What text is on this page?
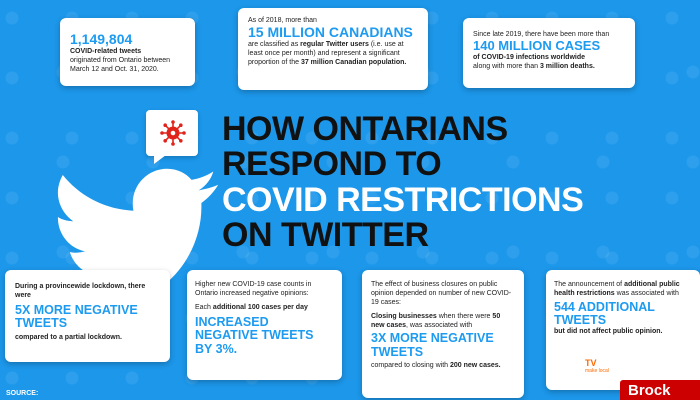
1,149,804
COVID-related tweets
originated from Ontario between March 12 and Oct. 31, 2020.
As of 2018, more than
15 MILLION CANADIANS
are classified as regular Twitter users (i.e. use at least once per month) and represent a significant proportion of the 37 million Canadian population.
Since late 2019, there have been more than
140 MILLION CASES
of COVID-19 infections worldwide
along with more than 3 million deaths.
HOW ONTARIANS
RESPOND TO
COVID RESTRICTIONS
ON TWITTER
During a provincewide lockdown, there were
5X MORE NEGATIVE TWEETS
compared to a partial lockdown.
Higher new COVID-19 case counts in Ontario increased negative opinions:
Each additional 100 cases per day
INCREASED NEGATIVE TWEETS BY 3%.
The effect of business closures on public opinion depended on number of new COVID-19 cases:
Closing businesses when there were 50 new cases, was associated with
3X MORE NEGATIVE TWEETS
compared to closing with 200 new cases.
The announcement of additional public health restrictions was associated with
544 ADDITIONAL TWEETS
but did not affect public opinion.
TV
make local
SOURCE:	Brock
